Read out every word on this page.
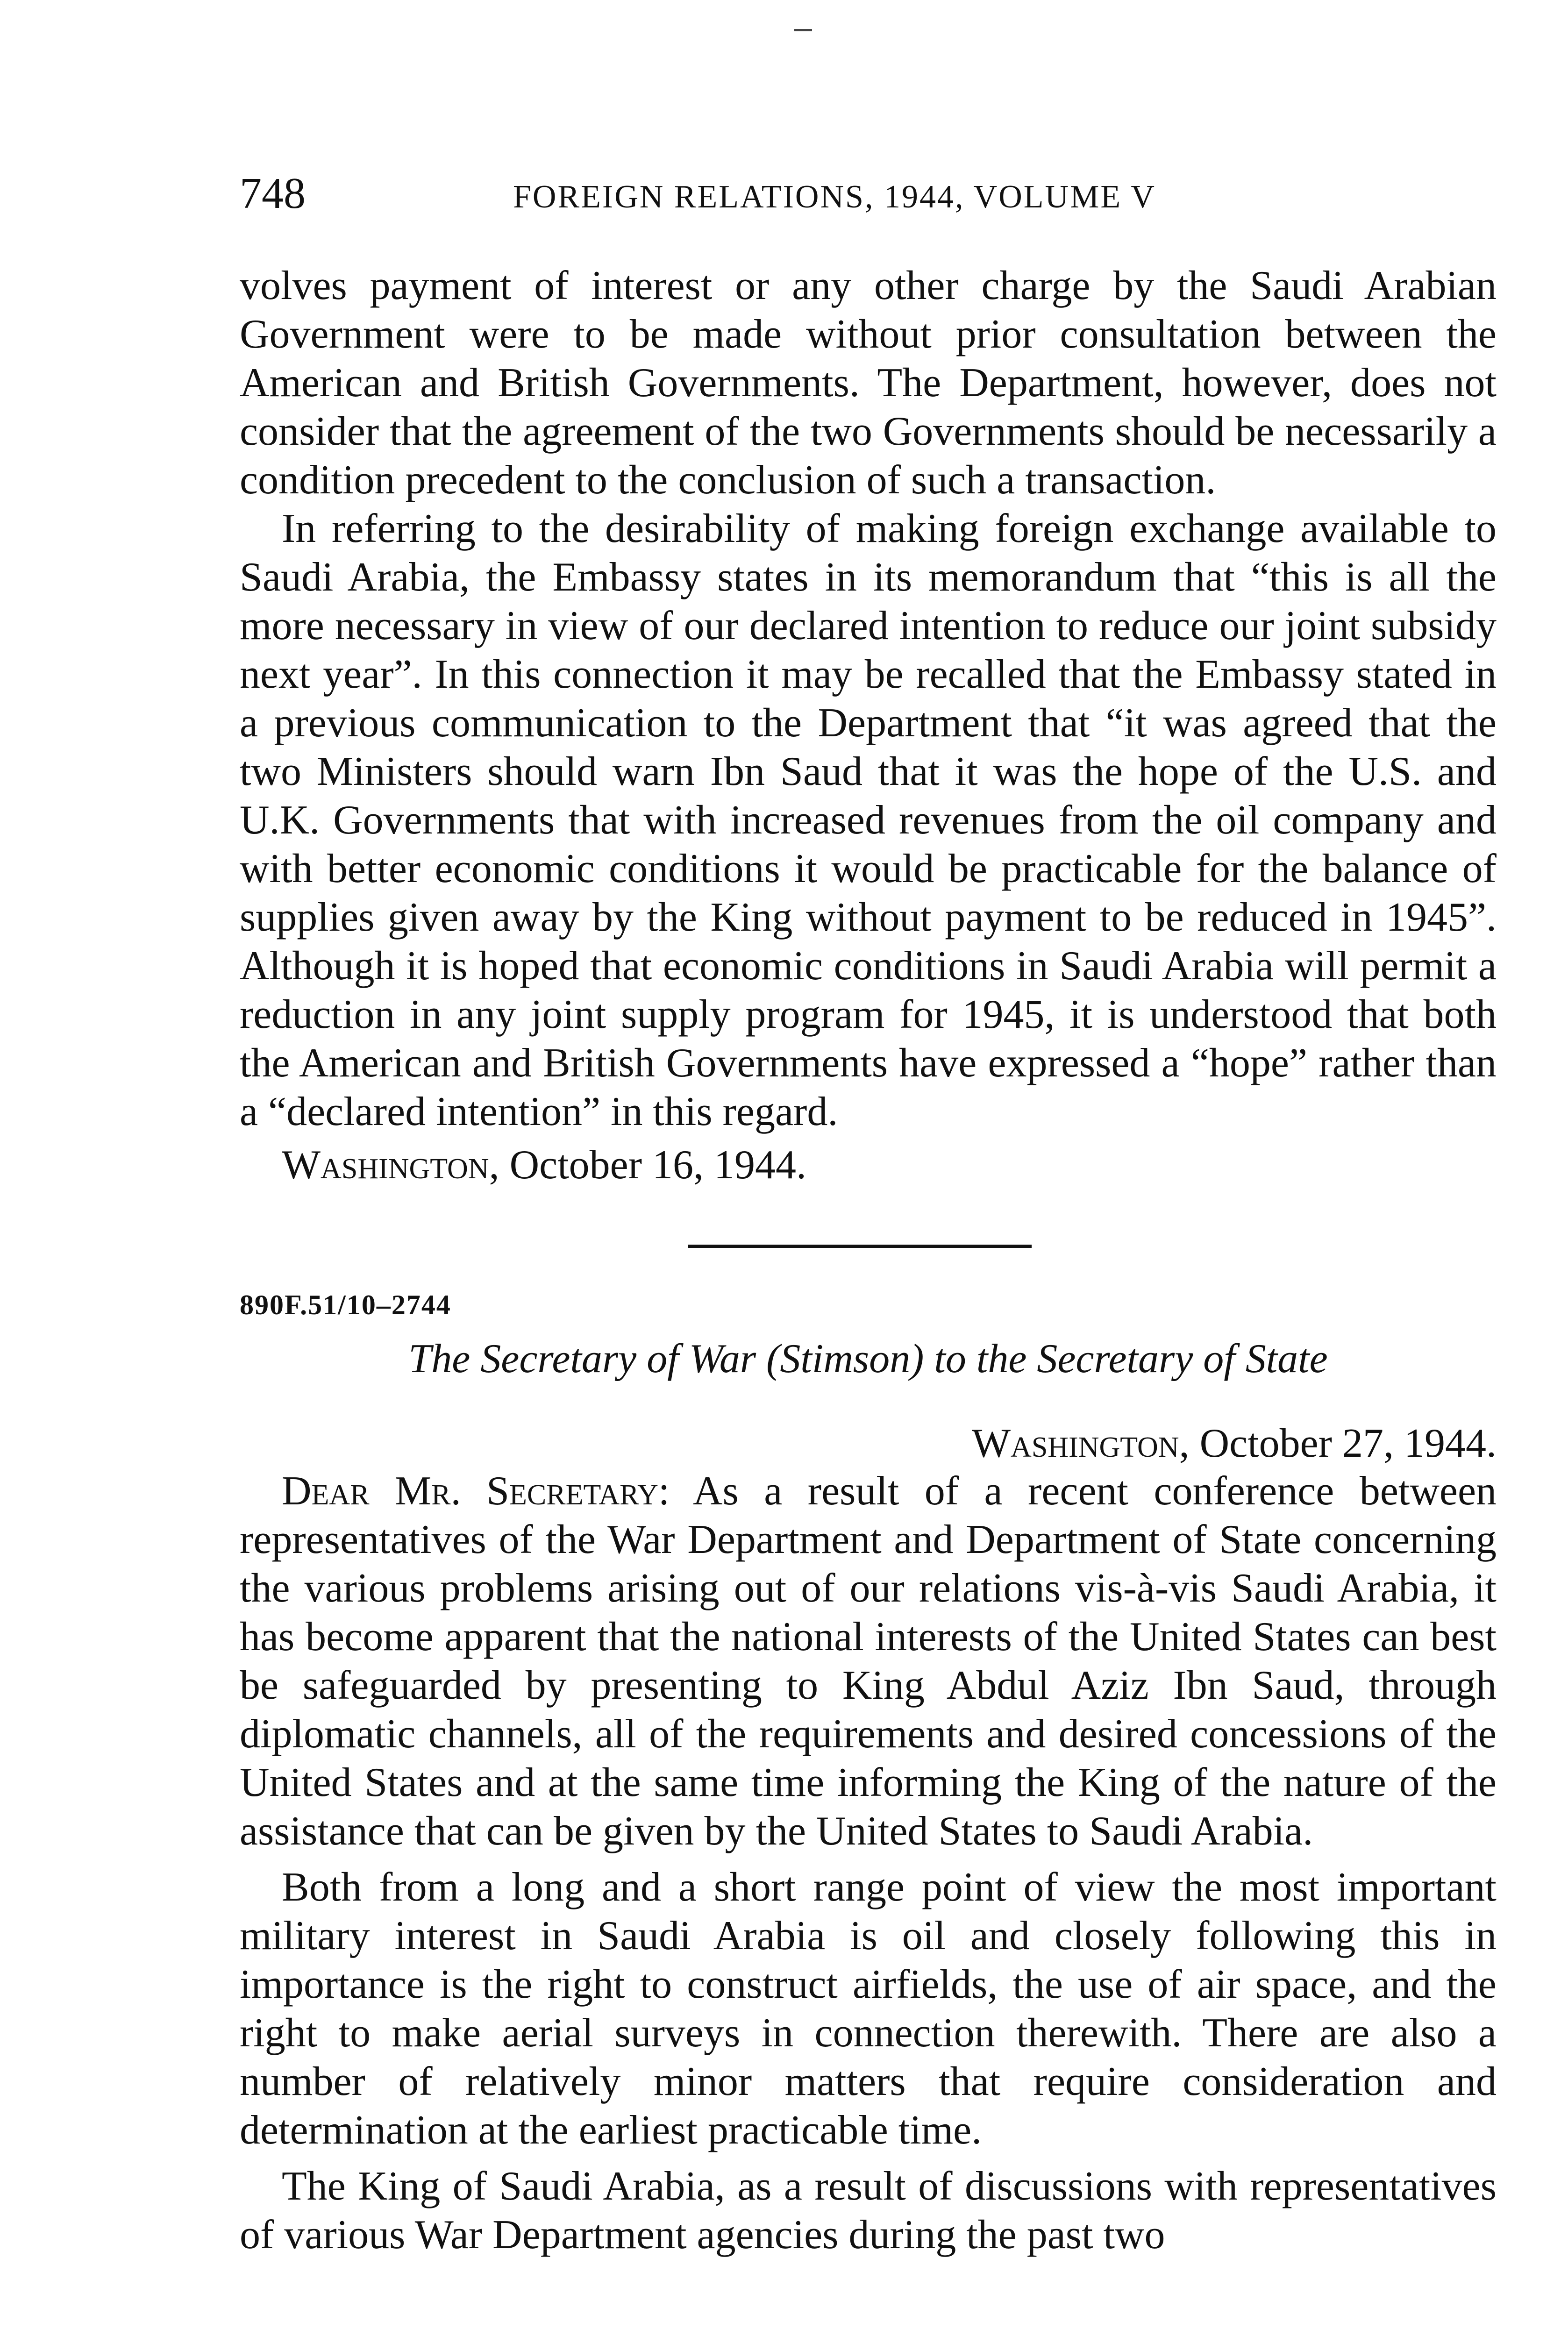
748	FOREIGN RELATIONS, 1944, VOLUME V

volves payment of interest or any other charge by the Saudi Arabian Government were to be made without prior consultation between the American and British Governments. The Department, however, does not consider that the agreement of the two Governments should be necessarily a condition precedent to the conclusion of such a transaction.

In referring to the desirability of making foreign exchange available to Saudi Arabia, the Embassy states in its memorandum that “this is all the more necessary in view of our declared intention to reduce our joint subsidy next year”. In this connection it may be recalled that the Embassy stated in a previous communication to the Department that “it was agreed that the two Ministers should warn Ibn Saud that it was the hope of the U.S. and U.K. Governments that with increased revenues from the oil company and with better economic conditions it would be practicable for the balance of supplies given away by the King without payment to be reduced in 1945”. Although it is hoped that economic conditions in Saudi Arabia will permit a reduction in any joint supply program for 1945, it is understood that both the American and British Governments have expressed a “hope” rather than a “declared intention” in this regard.

Washington, October 16, 1944.

890F.51/10–2744
The Secretary of War (Stimson) to the Secretary of State
Washington, October 27, 1944.

Dear Mr. Secretary: As a result of a recent conference between representatives of the War Department and Department of State concerning the various problems arising out of our relations vis-à-vis Saudi Arabia, it has become apparent that the national interests of the United States can best be safeguarded by presenting to King Abdul Aziz Ibn Saud, through diplomatic channels, all of the requirements and desired concessions of the United States and at the same time informing the King of the nature of the assistance that can be given by the United States to Saudi Arabia.

Both from a long and a short range point of view the most important military interest in Saudi Arabia is oil and closely following this in importance is the right to construct airfields, the use of air space, and the right to make aerial surveys in connection therewith. There are also a number of relatively minor matters that require consideration and determination at the earliest practicable time.

The King of Saudi Arabia, as a result of discussions with representatives of various War Department agencies during the past two
